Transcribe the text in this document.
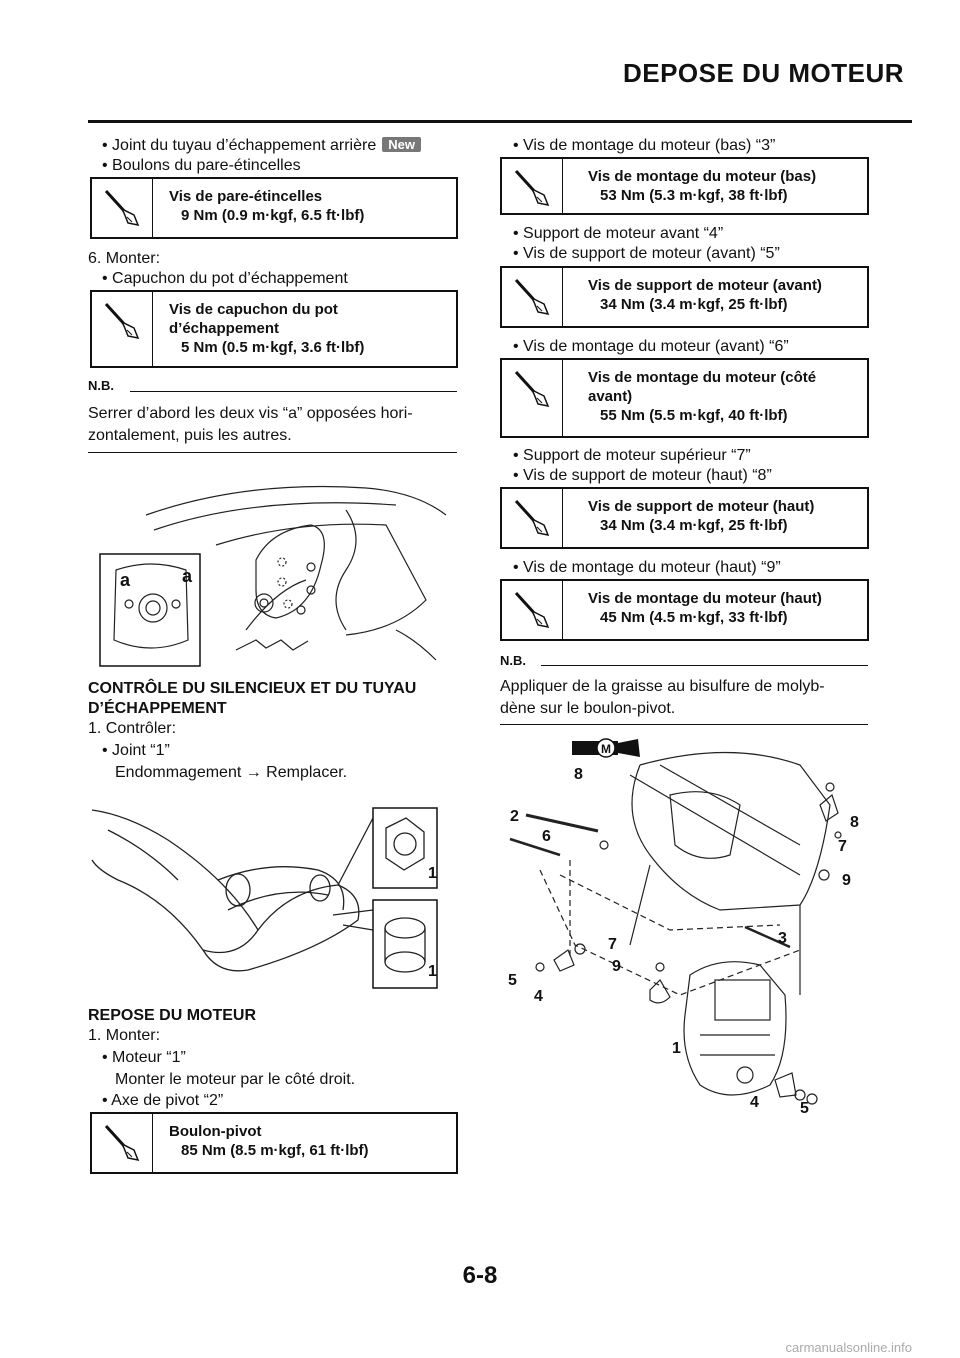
DEPOSE DU MOTEUR
• Joint du tuyau d’échappement arrière New
• Boulons du pare-étincelles
Vis de pare-étincelles
9 Nm (0.9 m·kgf, 6.5 ft·lbf)
6. Monter:
• Capuchon du pot d’échappement
Vis de capuchon du pot
d’échappement
5 Nm (0.5 m·kgf, 3.6 ft·lbf)
N.B.
Serrer d’abord les deux vis “a” opposées hori-
zontalement, puis les autres.
a	a
CONTRÔLE DU SILENCIEUX ET DU TUYAU
D’ÉCHAPPEMENT
1. Contrôler:
• Joint “1”
Endommagement → Remplacer.
1
1
REPOSE DU MOTEUR
1. Monter:
• Moteur “1”
Monter le moteur par le côté droit.
• Axe de pivot “2”
Boulon-pivot
85 Nm (8.5 m·kgf, 61 ft·lbf)
• Vis de montage du moteur (bas) “3”
Vis de montage du moteur (bas)
53 Nm (5.3 m·kgf, 38 ft·lbf)
• Support de moteur avant “4”
• Vis de support de moteur (avant) “5”
Vis de support de moteur (avant)
34 Nm (3.4 m·kgf, 25 ft·lbf)
• Vis de montage du moteur (avant) “6”
Vis de montage du moteur (côté
avant)
55 Nm (5.5 m·kgf, 40 ft·lbf)
• Support de moteur supérieur “7”
• Vis de support de moteur (haut) “8”
Vis de support de moteur (haut)
34 Nm (3.4 m·kgf, 25 ft·lbf)
• Vis de montage du moteur (haut) “9”
Vis de montage du moteur (haut)
45 Nm (4.5 m·kgf, 33 ft·lbf)
N.B.
Appliquer de la graisse au bisulfure de molyb-
dène sur le boulon-pivot.
M
8
2
6
8
7
9
3
7
9
5
4
1
4	5
6-8
carmanualsonline.info
